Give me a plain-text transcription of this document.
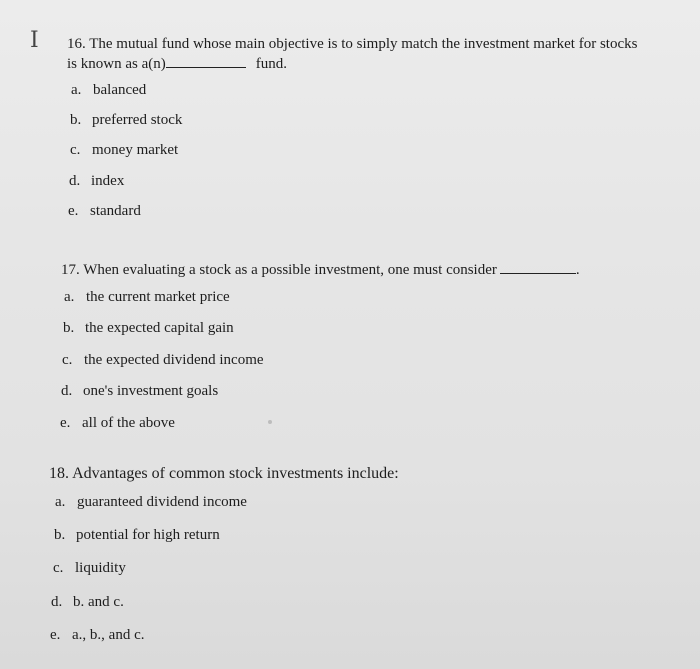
I 16. The mutual fund whose main objective is to simply match the investment market for stocks
is known as a(n)	fund.
a. balanced
b. preferred stock
c. money market
d. index
e. standard
17. When evaluating a stock as a possible investment, one must consider	.
a. the current market price
b. the expected capital gain
c. the expected dividend income
d. one's investment goals
e. all of the above
18. Advantages of common stock investments include:
a. guaranteed dividend income
b. potential for high return
c. liquidity
d. b. and c.
e. a., b., and c.
